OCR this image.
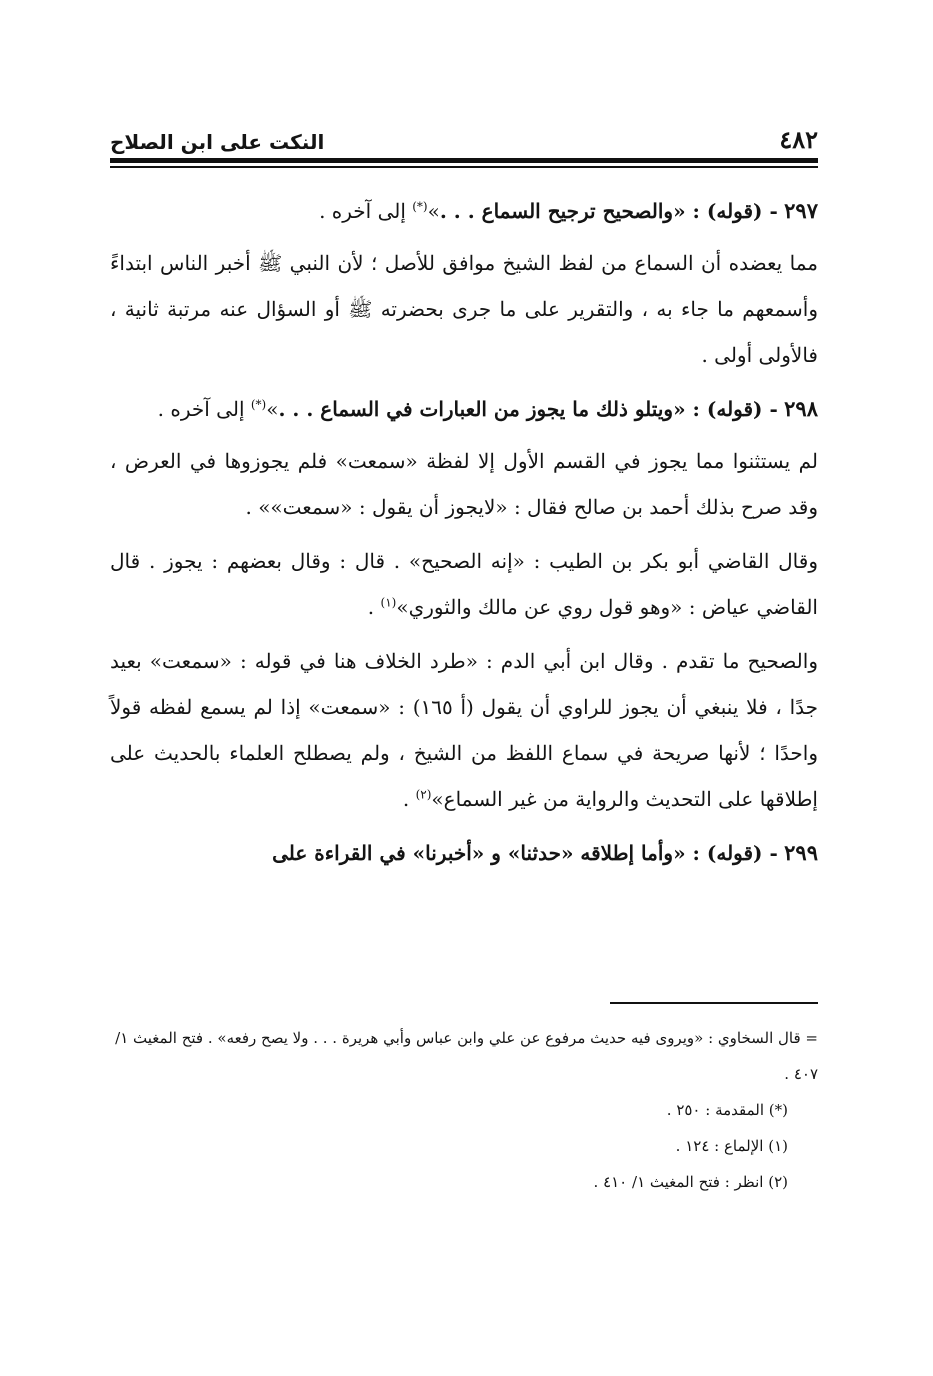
٤٨٢
النكت على ابن الصلاح

٢٩٧ - (قوله) : «والصحيح ترجيح السماع . . .»(*) إلى آخره .

مما يعضده أن السماع من لفظ الشيخ موافق للأصل ؛ لأن النبي ﷺ أخبر الناس ابتداءً وأسمعهم ما جاء به ، والتقرير على ما جرى بحضرته ﷺ أو السؤال عنه مرتبة ثانية ، فالأولى أولى .

٢٩٨ - (قوله) : «ويتلو ذلك ما يجوز من العبارات في السماع . . .»(*) إلى آخره .

لم يستثنوا مما يجوز في القسم الأول إلا لفظة «سمعت» فلم يجوزوها في العرض ، وقد صرح بذلك أحمد بن صالح فقال : «لايجوز أن يقول : «سمعت»» .

وقال القاضي أبو بكر بن الطيب : «إنه الصحيح» . قال : وقال بعضهم : يجوز . قال القاضي عياض : «وهو قول روي عن مالك والثوري»$^{(١)}$ .

والصحيح ما تقدم . وقال ابن أبي الدم : «طرد الخلاف هنا في قوله : «سمعت» بعيد جدًا ، فلا ينبغي أن يجوز للراوي أن يقول (أ ١٦٥) : «سمعت» إذا لم يسمع لفظه قولاً واحدًا ؛ لأنها صريحة في سماع اللفظ من الشيخ ، ولم يصطلح العلماء بالحديث على إطلاقها على التحديث والرواية من غير السماع»$^{(٢)}$ .

٢٩٩ - (قوله) : «وأما إطلاقه «حدثنا» و «أخبرنا» في القراءة على

= قال السخاوي : «ويروى فيه حديث مرفوع عن علي وابن عباس وأبي هريرة . . . ولا يصح رفعه» . فتح المغيث ١/ ٤٠٧ .

(*) المقدمة : ٢٥٠ .

(١) الإلماع : ١٢٤ .

(٢) انظر : فتح المغيث ١/ ٤١٠ .
